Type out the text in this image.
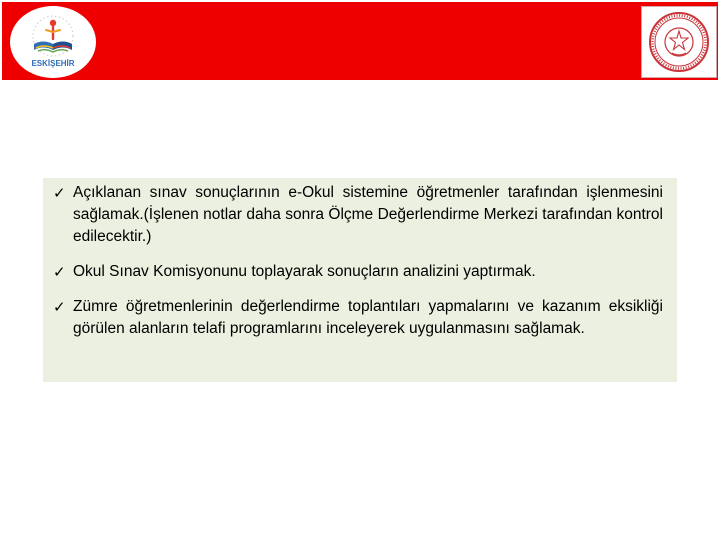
ESKİŞEHİR
✓ Açıklanan sınav sonuçlarının e-Okul sistemine öğretmenler tarafından işlenmesini sağlamak.(İşlenen notlar daha sonra Ölçme Değerlendirme Merkezi tarafından kontrol edilecektir.)
✓ Okul Sınav Komisyonunu toplayarak sonuçların analizini yaptırmak.
✓ Zümre öğretmenlerinin değerlendirme toplantıları yapmalarını ve kazanım eksikliği görülen alanların telafi programlarını inceleyerek uygulanmasını sağlamak.
